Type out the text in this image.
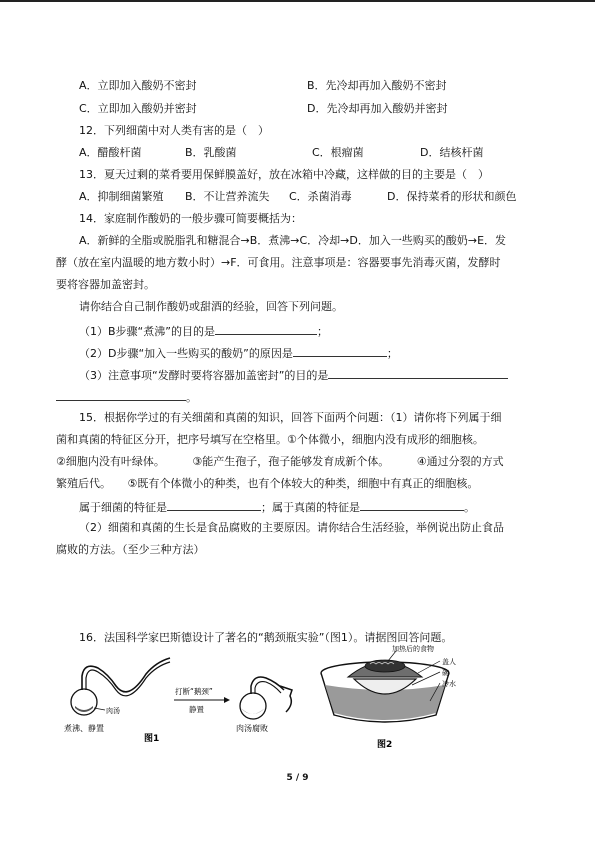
A．立即加入酸奶不密封	B．先冷却再加入酸奶不密封
C．立即加入酸奶并密封	D．先冷却再加入酸奶并密封
12．下列细菌中对人类有害的是（　）
A．醋酸杆菌	B．乳酸菌	C．根瘤菌	D．结核杆菌
13．夏天过剩的菜肴要用保鲜膜盖好，放在冰箱中冷藏，这样做的目的主要是（　）
A．抑制细菌繁殖 B．不让营养流失 C．杀菌消毒	D．保持菜肴的形状和颜色
14．家庭制作酸奶的一般步骤可简要概括为：
A．新鲜的全脂或脱脂乳和糖混合→B．煮沸→C．冷却→D．加入一些购买的酸奶→E．发
酵（放在室内温暖的地方数小时）→F．可食用。注意事项是：容器要事先消毒灭菌，发酵时
要将容器加盖密封。
请你结合自己制作酸奶或甜酒的经验，回答下列问题。
（1）B步骤“煮沸”的目的是	；
（2）D步骤“加入一些购买的酸奶”的原因是	；
（3）注意事项“发酵时要将容器加盖密封”的目的是
。
15．根据你学过的有关细菌和真菌的知识，回答下面两个问题：（1）请你将下列属于细
菌和真菌的特征区分开，把序号填写在空格里。①个体微小，细胞内没有成形的细胞核。
②细胞内没有叶绿体。　　　③能产生孢子，孢子能够发育成新个体。　　　④通过分裂的方式
繁殖后代。　　⑤既有个体微小的种类，也有个体较大的种类，细胞中有真正的细胞核。
属于细菌的特征是	；属于真菌的特征是	。
（2）细菌和真菌的生长是食品腐败的主要原因。请你结合生活经验，举例说出防止食品
腐败的方法。（至少三种方法）
16．法国科学家巴斯德设计了著名的“鹅颈瓶实验”（图1）。请据图回答问题。
肉汤
煮沸、静置
打断“鹅颈”
静置
肉汤腐败
图1
加热后的食物
盖人
碗
冷水
图2
5 / 9
